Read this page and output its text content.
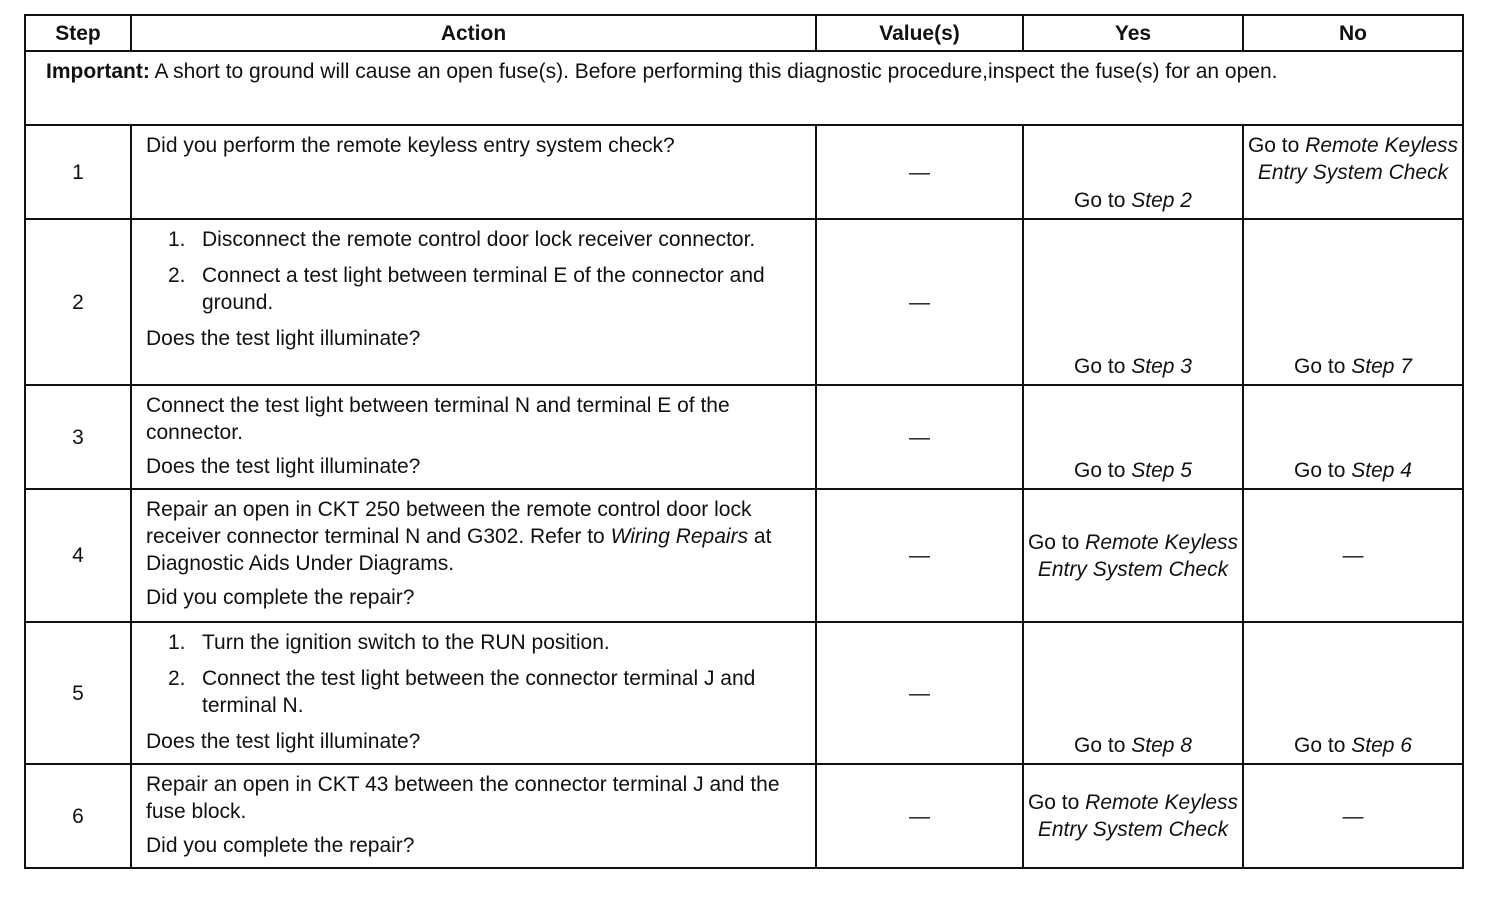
Step	Action	Value(s)	Yes	No
Important: A short to ground will cause an open fuse(s). Before performing this diagnostic procedure,inspect the fuse(s) for an open.				
1	Did you perform the remote keyless entry system check?	—	Go to Step 2	Go to Remote Keyless Entry System Check
2	1. Disconnect the remote control door lock receiver connector.
2. Connect a test light between terminal E of the connector and ground.
Does the test light illuminate?	—	Go to Step 3	Go to Step 7
3	Connect the test light between terminal N and terminal E of the connector.
Does the test light illuminate?	—	Go to Step 5	Go to Step 4
4	Repair an open in CKT 250 between the remote control door lock receiver connector terminal N and G302. Refer to Wiring Repairs at Diagnostic Aids Under Diagrams.
Did you complete the repair?	—	Go to Remote Keyless Entry System Check	—
5	1. Turn the ignition switch to the RUN position.
2. Connect the test light between the connector terminal J and terminal N.
Does the test light illuminate?	—	Go to Step 8	Go to Step 6
6	Repair an open in CKT 43 between the connector terminal J and the fuse block.
Did you complete the repair?	—	Go to Remote Keyless Entry System Check	—
